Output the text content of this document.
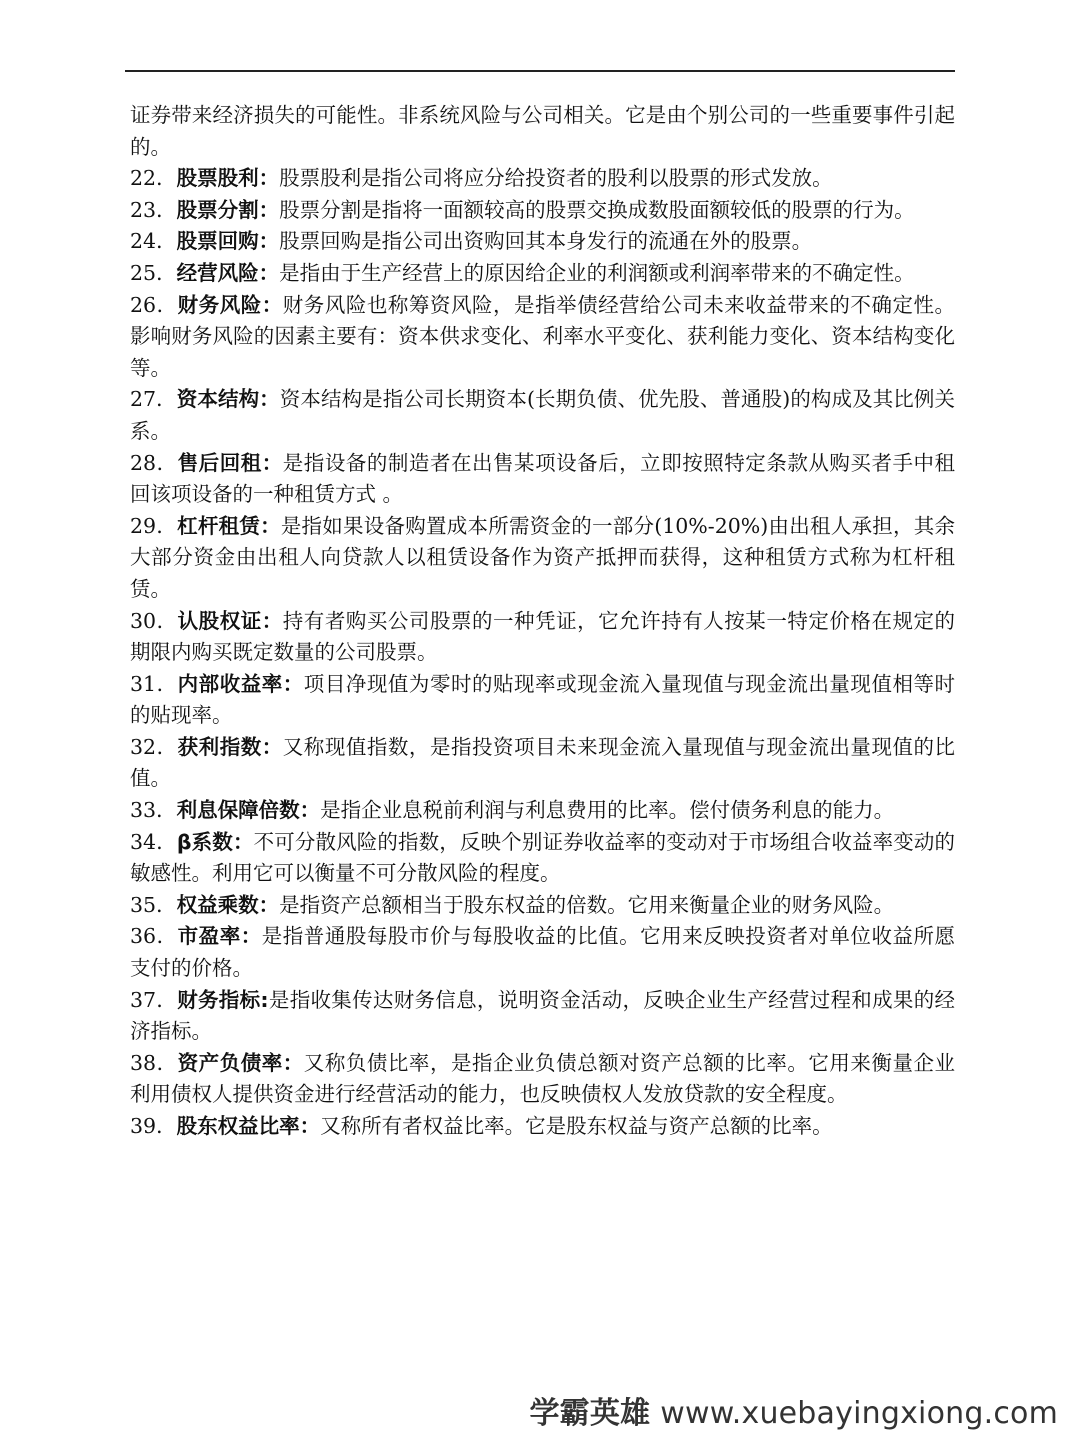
证券带来经济损失的可能性。非系统风险与公司相关。它是由个别公司的一些重要事件引起的。

22．股票股利：股票股利是指公司将应分给投资者的股利以股票的形式发放。

23．股票分割：股票分割是指将一面额较高的股票交换成数股面额较低的股票的行为。

24．股票回购：股票回购是指公司出资购回其本身发行的流通在外的股票。

25．经营风险：是指由于生产经营上的原因给企业的利润额或利润率带来的不确定性。

26．财务风险：财务风险也称筹资风险，是指举债经营给公司未来收益带来的不确定性。影响财务风险的因素主要有：资本供求变化、利率水平变化、获利能力变化、资本结构变化等。

27．资本结构：资本结构是指公司长期资本(长期负债、优先股、普通股)的构成及其比例关系。

28．售后回租：是指设备的制造者在出售某项设备后，立即按照特定条款从购买者手中租回该项设备的一种租赁方式 。

29．杠杆租赁：是指如果设备购置成本所需资金的一部分(10%-20%)由出租人承担，其余大部分资金由出租人向贷款人以租赁设备作为资产抵押而获得，这种租赁方式称为杠杆租赁。

30．认股权证：持有者购买公司股票的一种凭证，它允许持有人按某一特定价格在规定的期限内购买既定数量的公司股票。

31．内部收益率：项目净现值为零时的贴现率或现金流入量现值与现金流出量现值相等时的贴现率。

32．获利指数：又称现值指数，是指投资项目未来现金流入量现值与现金流出量现值的比值。

33．利息保障倍数：是指企业息税前利润与利息费用的比率。偿付债务利息的能力。

34．β系数：不可分散风险的指数，反映个别证券收益率的变动对于市场组合收益率变动的敏感性。利用它可以衡量不可分散风险的程度。

35．权益乘数：是指资产总额相当于股东权益的倍数。它用来衡量企业的财务风险。

36．市盈率：是指普通股每股市价与每股收益的比值。它用来反映投资者对单位收益所愿支付的价格。

37．财务指标:是指收集传达财务信息，说明资金活动，反映企业生产经营过程和成果的经济指标。

38．资产负债率：又称负债比率，是指企业负债总额对资产总额的比率。它用来衡量企业利用债权人提供资金进行经营活动的能力，也反映债权人发放贷款的安全程度。

39．股东权益比率：又称所有者权益比率。它是股东权益与资产总额的比率。

学霸英雄 www.xuebayingxiong.com
